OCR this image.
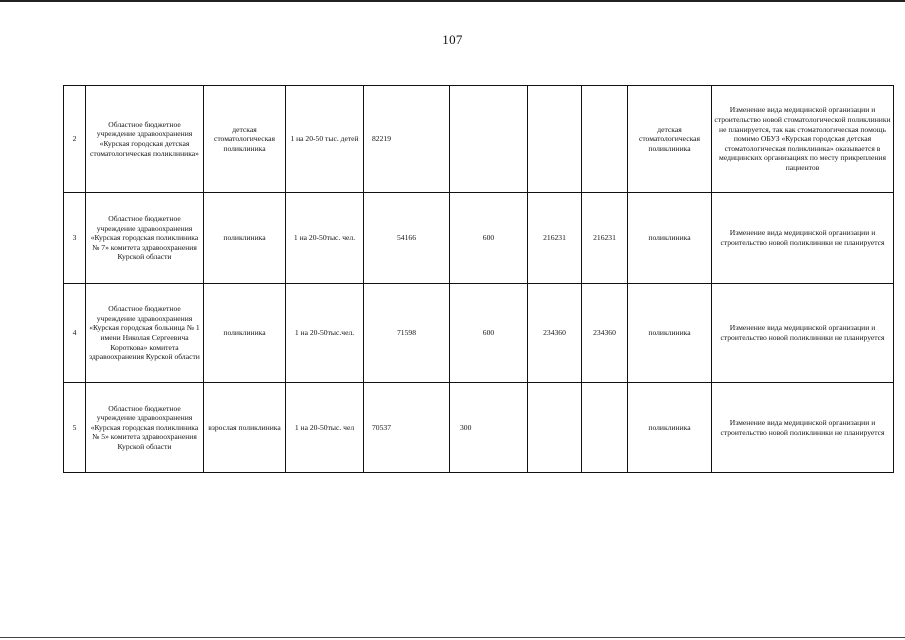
107
2	Областное бюджетное учреждение здравоохранения «Курская городская детская стоматологическая поликлиника»	детская стоматологическая поликлиника	1 на 20-50 тыс. детей	82219				детская стоматологическая поликлиника	Изменение вида медицинской организации и строительство новой стоматологической поликлиники не планируется, так как стоматологическая помощь помимо ОБУЗ «Курская городская детская стоматологическая поликлиника» оказывается в медицинских организациях по месту прикрепления пациентов
3	Областное бюджетное учреждение здравоохранения «Курская городская поликлиника № 7» комитета здравоохранения Курской области	поликлиника	1 на 20-50тыс. чел.	54166	600	216231	216231	поликлиника	Изменение вида медицинской организации и строительство новой поликлиники не планируется
4	Областное бюджетное учреждение здравоохранения «Курская городская больница № 1 имени Николая Сергеевича Короткова» комитета здравоохранения Курской области	поликлиника	1 на 20-50тыс.чел.	71598	600	234360	234360	поликлиника	Изменение вида медицинской организации и строительство новой поликлиники не планируется
5	Областное бюджетное учреждение здравоохранения «Курская городская поликлиника № 5» комитета здравоохранения Курской области	взрослая поликлиника	1 на 20-50тыс. чел	70537	300			поликлиника	Изменение вида медицинской организации и строительство новой поликлиники не планируется
